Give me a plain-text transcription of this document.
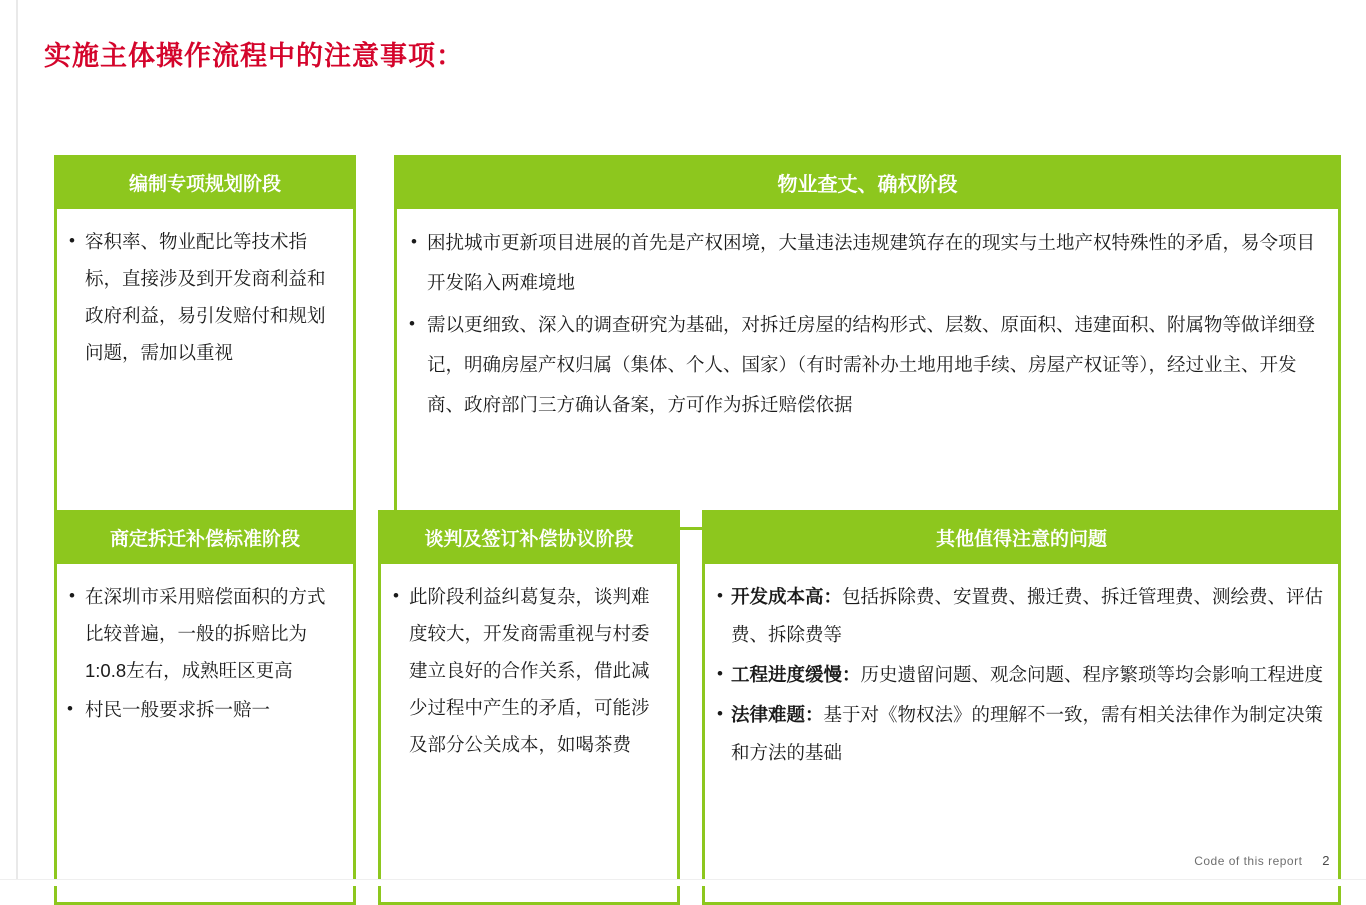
实施主体操作流程中的注意事项：
编制专项规划阶段
• 容积率、物业配比等技术指标，直接涉及到开发商利益和政府利益，易引发赔付和规划问题，需加以重视
物业查丈、确权阶段
• 困扰城市更新项目进展的首先是产权困境，大量违法违规建筑存在的现实与土地产权特殊性的矛盾，易令项目开发陷入两难境地
• 需以更细致、深入的调查研究为基础，对拆迁房屋的结构形式、层数、原面积、违建面积、附属物等做详细登记，明确房屋产权归属（集体、个人、国家）（有时需补办土地用地手续、房屋产权证等），经过业主、开发商、政府部门三方确认备案，方可作为拆迁赔偿依据
商定拆迁补偿标准阶段
• 在深圳市采用赔偿面积的方式比较普遍，一般的拆赔比为1:0.8左右，成熟旺区更高
• 村民一般要求拆一赔一
谈判及签订补偿协议阶段
• 此阶段利益纠葛复杂，谈判难度较大，开发商需重视与村委建立良好的合作关系，借此减少过程中产生的矛盾，可能涉及部分公关成本，如喝茶费
其他值得注意的问题
• 开发成本高：包括拆除费、安置费、搬迁费、拆迁管理费、测绘费、评估费、拆除费等
• 工程进度缓慢：历史遗留问题、观念问题、程序繁琐等均会影响工程进度
• 法律难题：基于对《物权法》的理解不一致，需有相关法律作为制定决策和方法的基础
Code of this report 2
